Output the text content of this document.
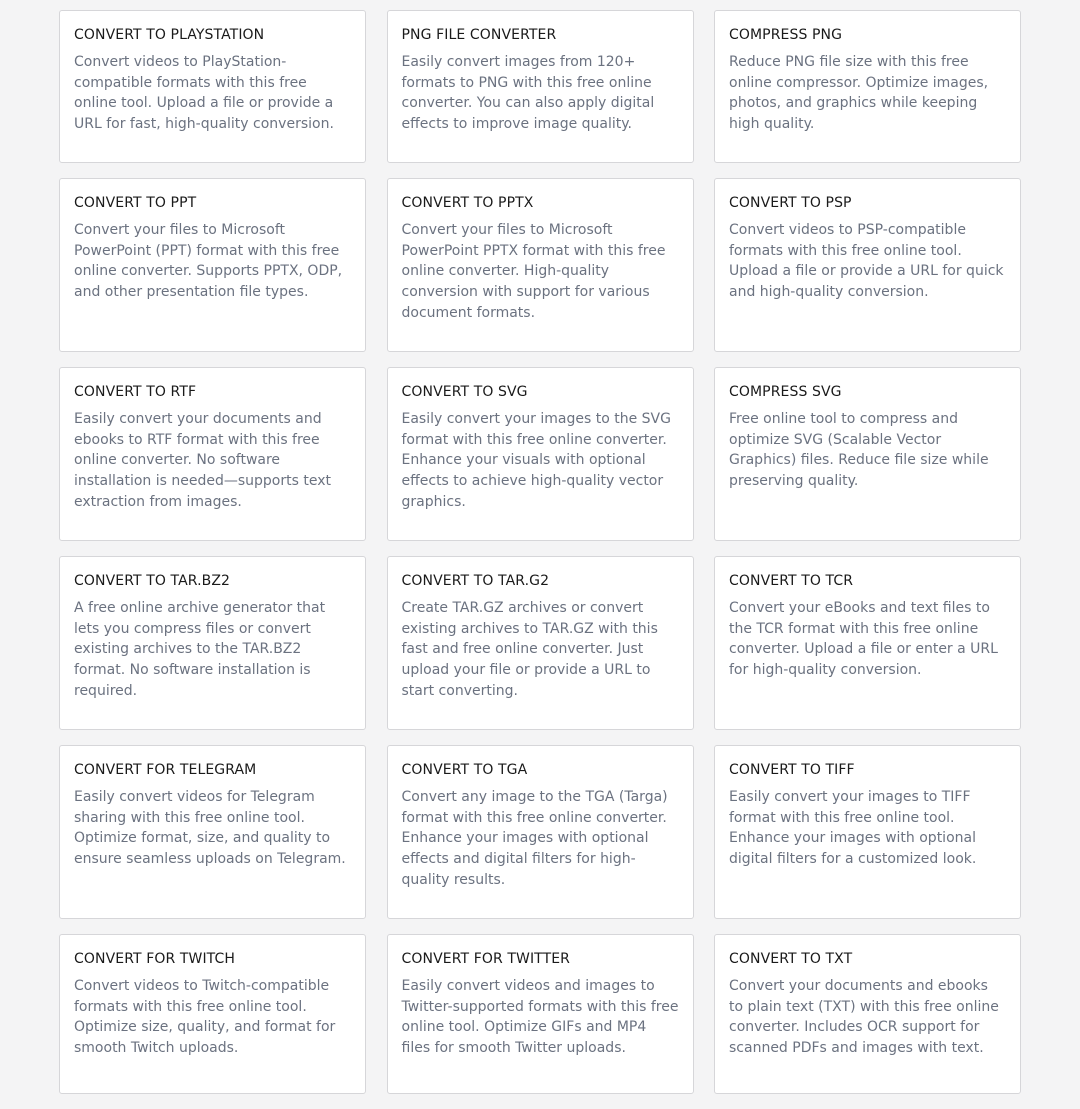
CONVERT TO PLAYSTATION

Convert videos to PlayStation-compatible formats with this free online tool. Upload a file or provide a URL for fast, high-quality conversion.

PNG FILE CONVERTER

Easily convert images from 120+ formats to PNG with this free online converter. You can also apply digital effects to improve image quality.

COMPRESS PNG

Reduce PNG file size with this free online compressor. Optimize images, photos, and graphics while keeping high quality.

CONVERT TO PPT

Convert your files to Microsoft PowerPoint (PPT) format with this free online converter. Supports PPTX, ODP, and other presentation file types.

CONVERT TO PPTX

Convert your files to Microsoft PowerPoint PPTX format with this free online converter. High-quality conversion with support for various document formats.

CONVERT TO PSP

Convert videos to PSP-compatible formats with this free online tool. Upload a file or provide a URL for quick and high-quality conversion.

CONVERT TO RTF

Easily convert your documents and ebooks to RTF format with this free online converter. No software installation is needed—supports text extraction from images.

CONVERT TO SVG

Easily convert your images to the SVG format with this free online converter. Enhance your visuals with optional effects to achieve high-quality vector graphics.

COMPRESS SVG

Free online tool to compress and optimize SVG (Scalable Vector Graphics) files. Reduce file size while preserving quality.

CONVERT TO TAR.BZ2

A free online archive generator that lets you compress files or convert existing archives to the TAR.BZ2 format. No software installation is required.

CONVERT TO TAR.G2

Create TAR.GZ archives or convert existing archives to TAR.GZ with this fast and free online converter. Just upload your file or provide a URL to start converting.

CONVERT TO TCR

Convert your eBooks and text files to the TCR format with this free online converter. Upload a file or enter a URL for high-quality conversion.

CONVERT FOR TELEGRAM

Easily convert videos for Telegram sharing with this free online tool. Optimize format, size, and quality to ensure seamless uploads on Telegram.

CONVERT TO TGA

Convert any image to the TGA (Targa) format with this free online converter. Enhance your images with optional effects and digital filters for high-quality results.

CONVERT TO TIFF

Easily convert your images to TIFF format with this free online tool. Enhance your images with optional digital filters for a customized look.

CONVERT FOR TWITCH

Convert videos to Twitch-compatible formats with this free online tool. Optimize size, quality, and format for smooth Twitch uploads.

CONVERT FOR TWITTER

Easily convert videos and images to Twitter-supported formats with this free online tool. Optimize GIFs and MP4 files for smooth Twitter uploads.

CONVERT TO TXT

Convert your documents and ebooks to plain text (TXT) with this free online converter. Includes OCR support for scanned PDFs and images with text.
